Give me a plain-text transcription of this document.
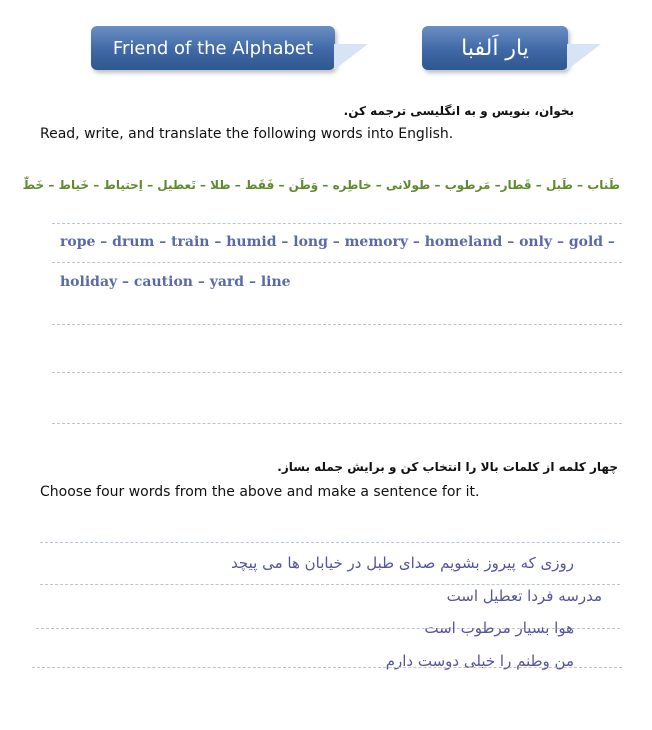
Friend of the Alphabet	یار اَلفبا
بخوان، بنویس و به انگلیسی ترجمه کن.
Read, write, and translate the following words into English.
طَناب – طَبل – قَطار– مَرطوب – طولانی – خاطِره – وَطَن – فَقَط – طلا – تَعطیل – اِحتیاط – خَیاط – خَطّ
rope – drum – train – humid – long – memory – homeland – only – gold –
holiday – caution – yard – line
چهار کلمه از کلمات بالا را انتخاب کن و برایش جمله بساز.
Choose four words from the above and make a sentence for it.
روزی که پیروز بشویم صدای طبل در خیابان ها می پیچد
مدرسه فردا تعطیل است
هوا بسیار مرطوب است
من وطنم را خیلی دوست دارم
